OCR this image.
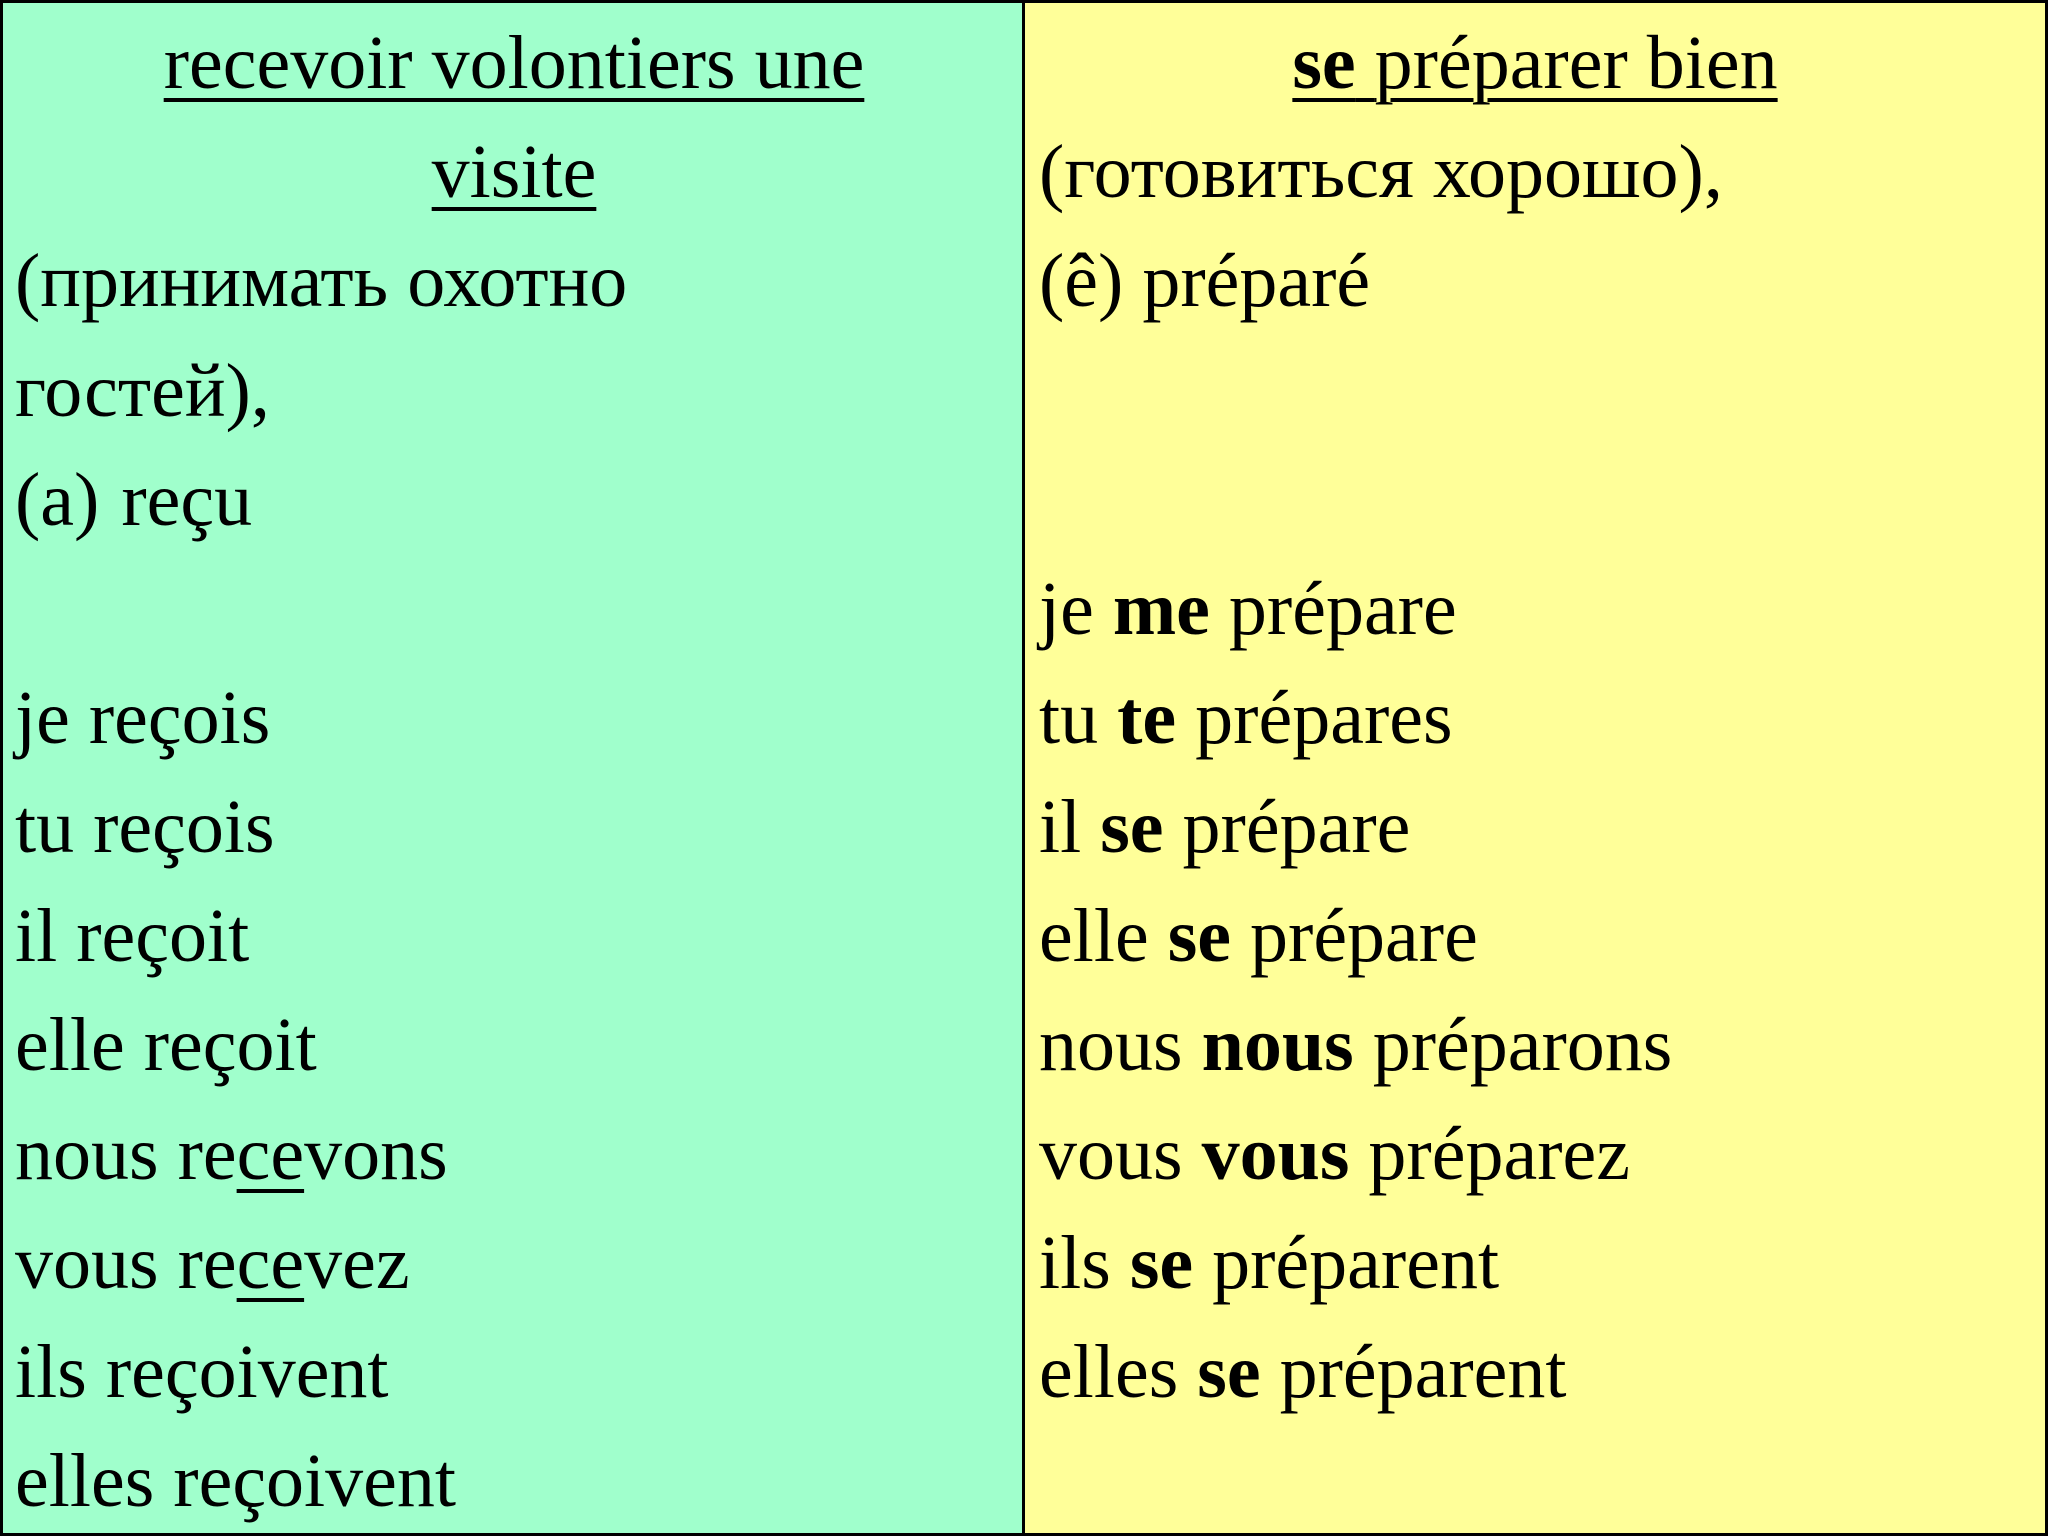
recevoir volontiers une
visite
(принимать охотно
гостей),
(a) reçu
je reçois
tu reçois
il reçoit
elle reçoit
nous recevons
vous recevez
ils reçoivent
elles reçoivent
se préparer bien
(готовиться хорошо),
(ê) préparé
je me prépare
tu te prépares
il se prépare
elle se prépare
nous nous préparons
vous vous préparez
ils se préparent
elles se préparent
